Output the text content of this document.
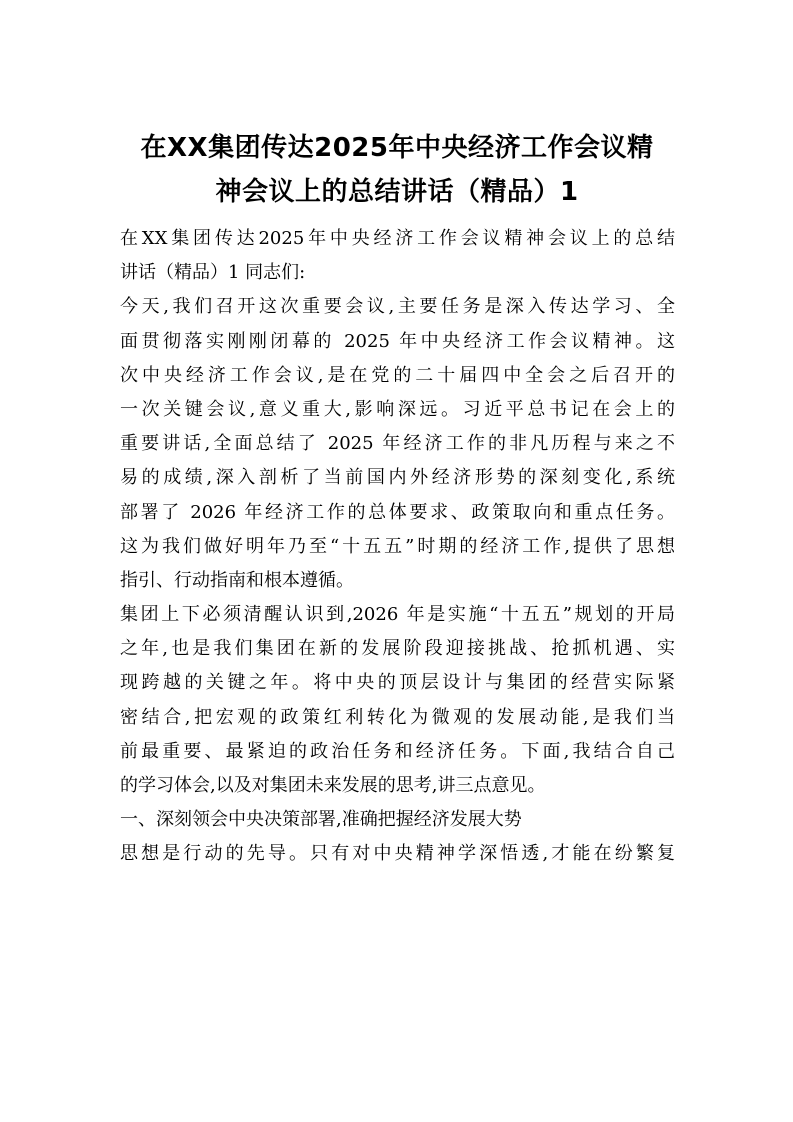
在XX集团传达2025年中央经济工作会议精
神会议上的总结讲话（精品）1
在XX集团传达2025年中央经济工作会议精神会议上的总结
讲话（精品）1 同志们:
今天,我们召开这次重要会议,主要任务是深入传达学习、全
面贯彻落实刚刚闭幕的 2025 年中央经济工作会议精神。这
次中央经济工作会议,是在党的二十届四中全会之后召开的
一次关键会议,意义重大,影响深远。习近平总书记在会上的
重要讲话,全面总结了 2025 年经济工作的非凡历程与来之不
易的成绩,深入剖析了当前国内外经济形势的深刻变化,系统
部署了 2026 年经济工作的总体要求、政策取向和重点任务。
这为我们做好明年乃至“十五五”时期的经济工作,提供了思想
指引、行动指南和根本遵循。
集团上下必须清醒认识到,2026 年是实施“十五五”规划的开局
之年,也是我们集团在新的发展阶段迎接挑战、抢抓机遇、实
现跨越的关键之年。将中央的顶层设计与集团的经营实际紧
密结合,把宏观的政策红利转化为微观的发展动能,是我们当
前最重要、最紧迫的政治任务和经济任务。下面,我结合自己
的学习体会,以及对集团未来发展的思考,讲三点意见。
一、深刻领会中央决策部署,准确把握经济发展大势
思想是行动的先导。只有对中央精神学深悟透,才能在纷繁复
